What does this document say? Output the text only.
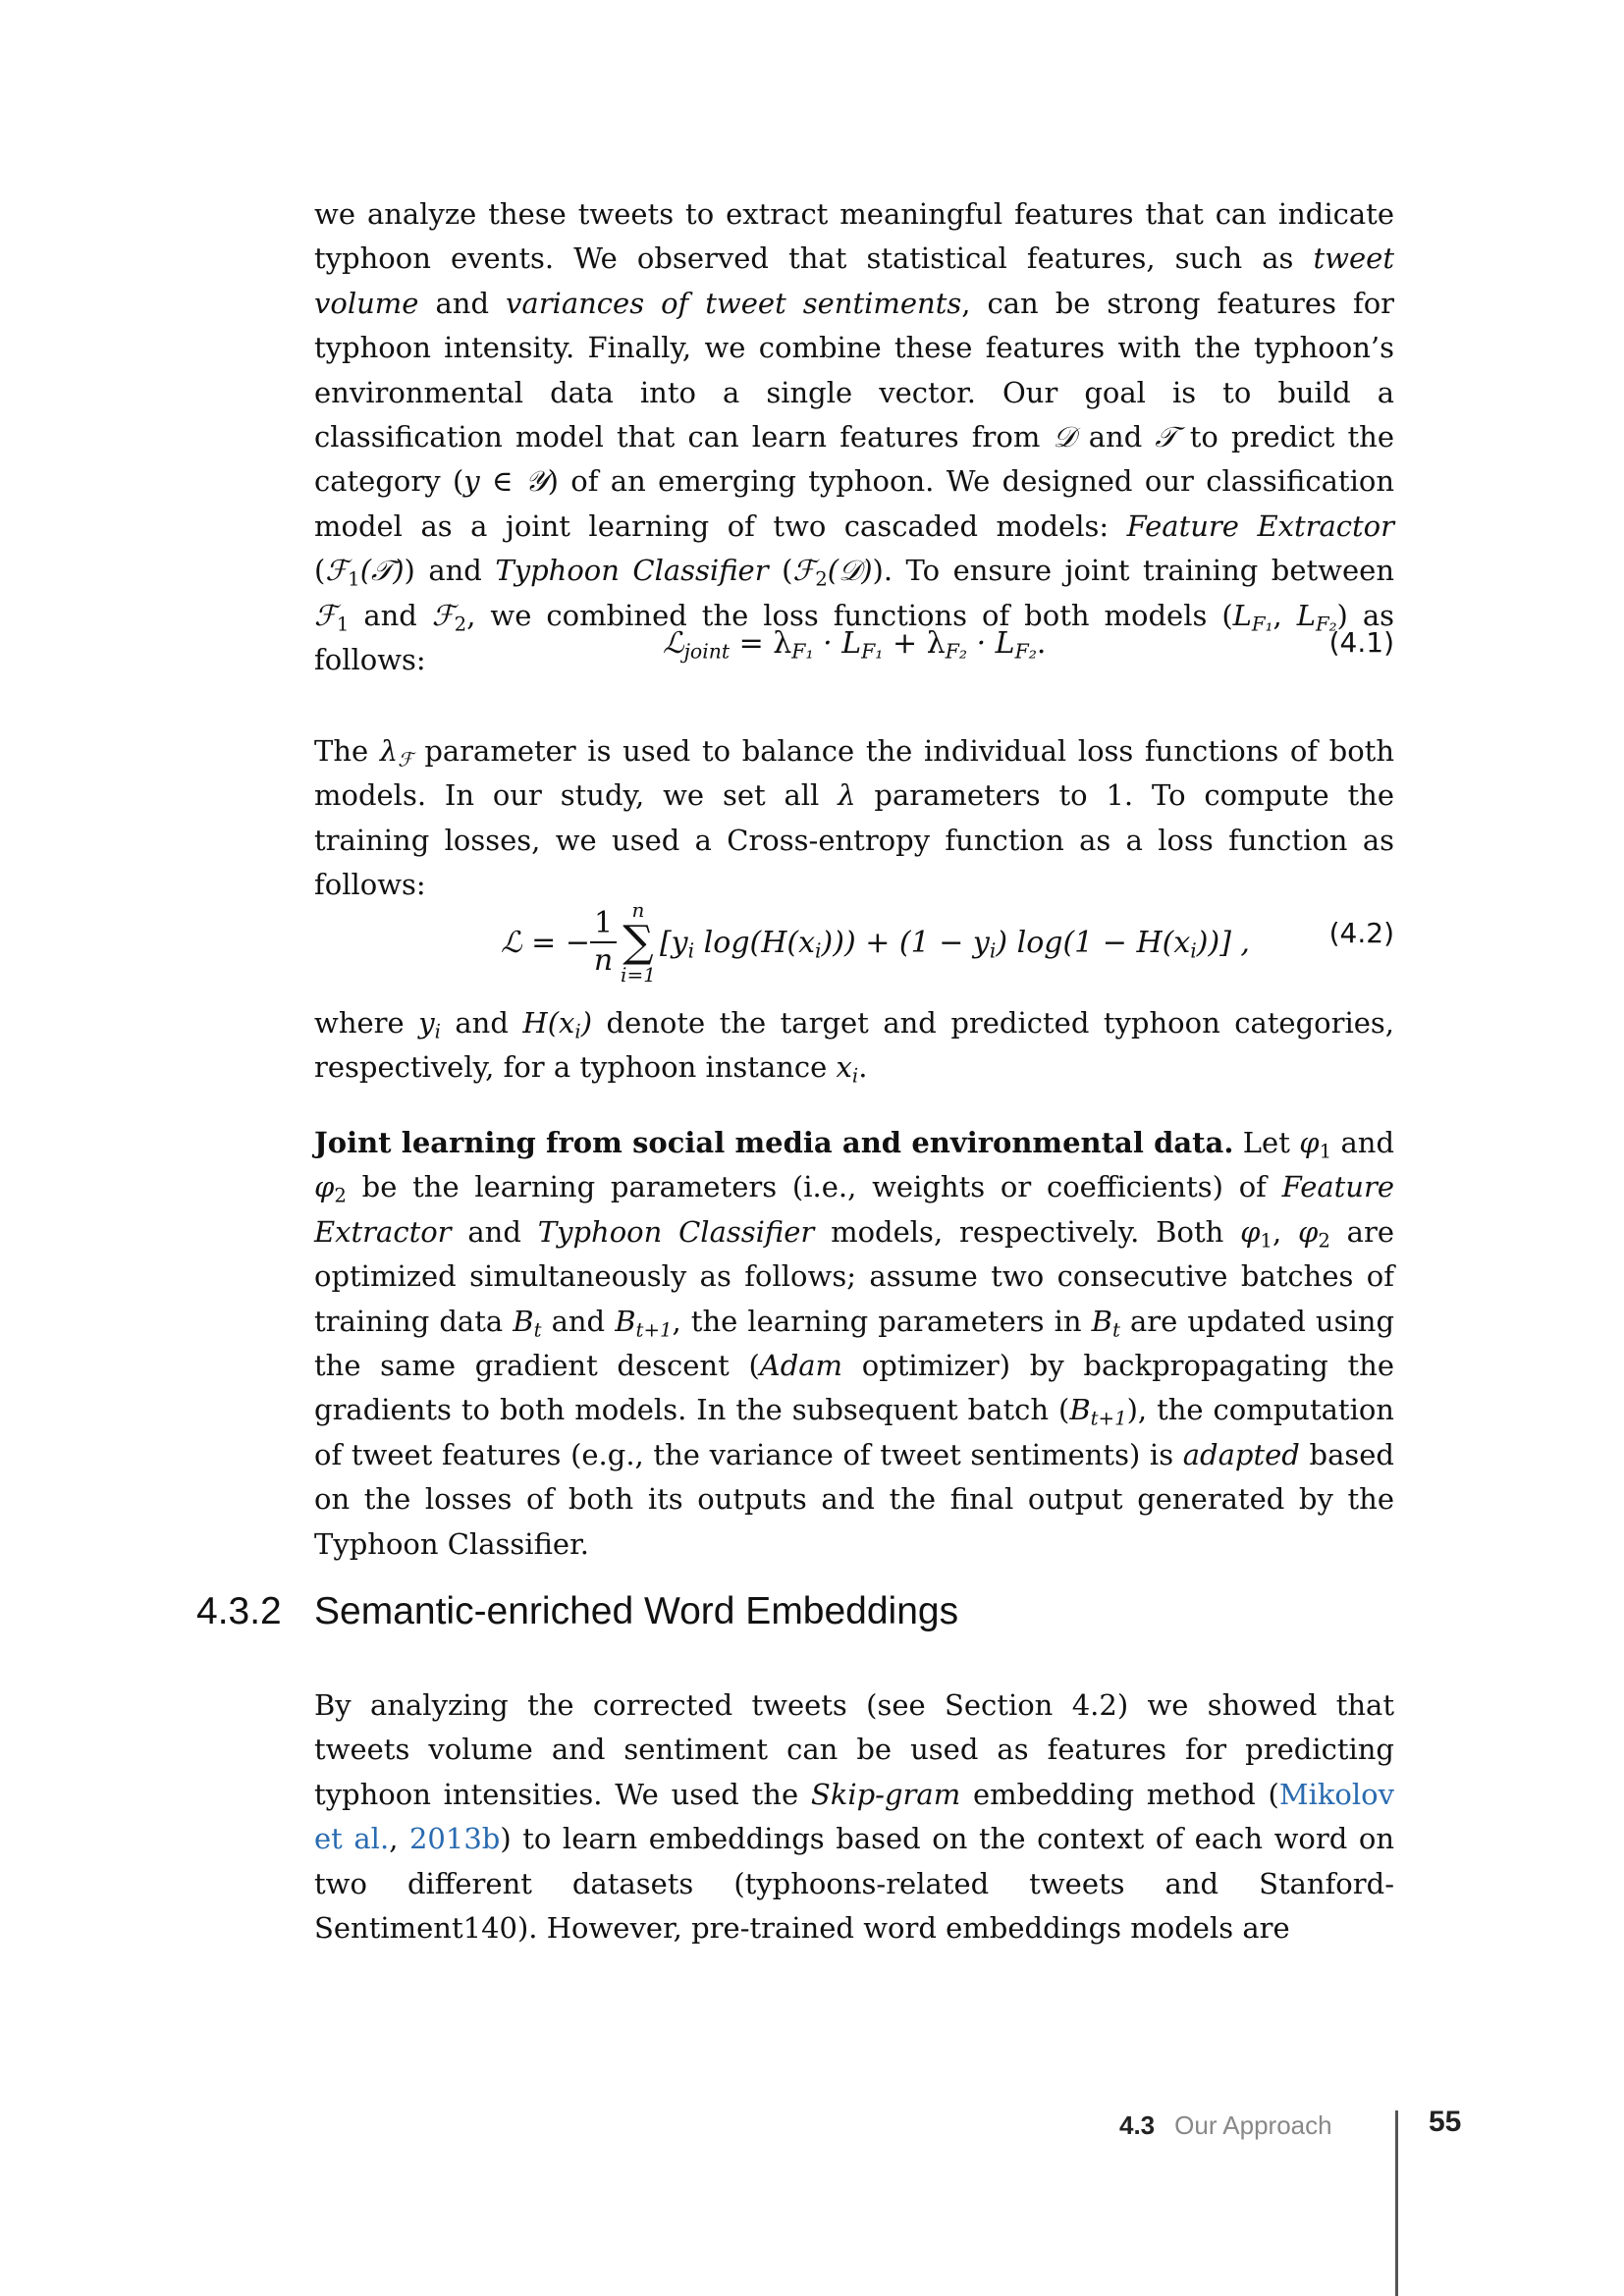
we analyze these tweets to extract meaningful features that can indicate typhoon events. We observed that statistical features, such as tweet volume and variances of tweet sentiments, can be strong features for typhoon intensity. Finally, we combine these features with the typhoon’s environmental data into a single vector. Our goal is to build a classification model that can learn features from 𝒟 and 𝒯 to predict the category (y ∈ 𝒴) of an emerging typhoon. We designed our classification model as a joint learning of two cascaded models: Feature Extractor (ℱ$_1$(𝒯)) and Typhoon Classifier (ℱ$_2$(𝒟)). To ensure joint training between ℱ$_1$ and ℱ$_2$, we combined the loss functions of both models ($L_{F_1}$, $L_{F_2}$) as follows:	ℒ$_{joint}$ = $\lambda_{F_1} \cdot L_{F_1} + \lambda_{F_2} \cdot L_{F_2}$.	(4.1)

The $\lambda_ℱ$ parameter is used to balance the individual loss functions of both models. In our study, we set all λ parameters to 1. To compute the training losses, we used a Cross-entropy function as a loss function as follows:

ℒ = − $\frac{1}{n}$ n
∑
i=1
[$y_i$ $\log(H(x_i))) + (1 - y_i)$ $\log(1 - H(x_i))$] ,	(4.2)

where $y_i$ and $H(x_i)$ denote the target and predicted typhoon categories, respectively, for a typhoon instance $x_i$.

Joint learning from social media and environmental data. Let $\varphi_1$ and $\varphi_2$ be the learning parameters (i.e., weights or coefficients) of Feature Extractor and Typhoon Classifier models, respectively. Both $\varphi_1$, $\varphi_2$ are optimized simultaneously as follows; assume two consecutive batches of training data $B_t$ and $B_{t+1}$, the learning parameters in $B_t$ are updated using the same gradient descent (Adam optimizer) by backpropagating the gradients to both models. In the subsequent batch $(B_{t+1})$, the computation of tweet features (e.g., the variance of tweet sentiments) is adapted based on the losses of both its outputs and the final output generated by the Typhoon Classifier.

4.3.2 Semantic-enriched Word Embeddings

By analyzing the corrected tweets (see Section 4.2) we showed that tweets volume and sentiment can be used as features for predicting typhoon intensities. We used the Skip-gram embedding method (Mikolov et al., 2013b) to learn embeddings based on the context of each word on two different datasets (typhoons-related tweets and Stanford-Sentiment140). However, pre-trained word embeddings models are

4.3 Our Approach	55
